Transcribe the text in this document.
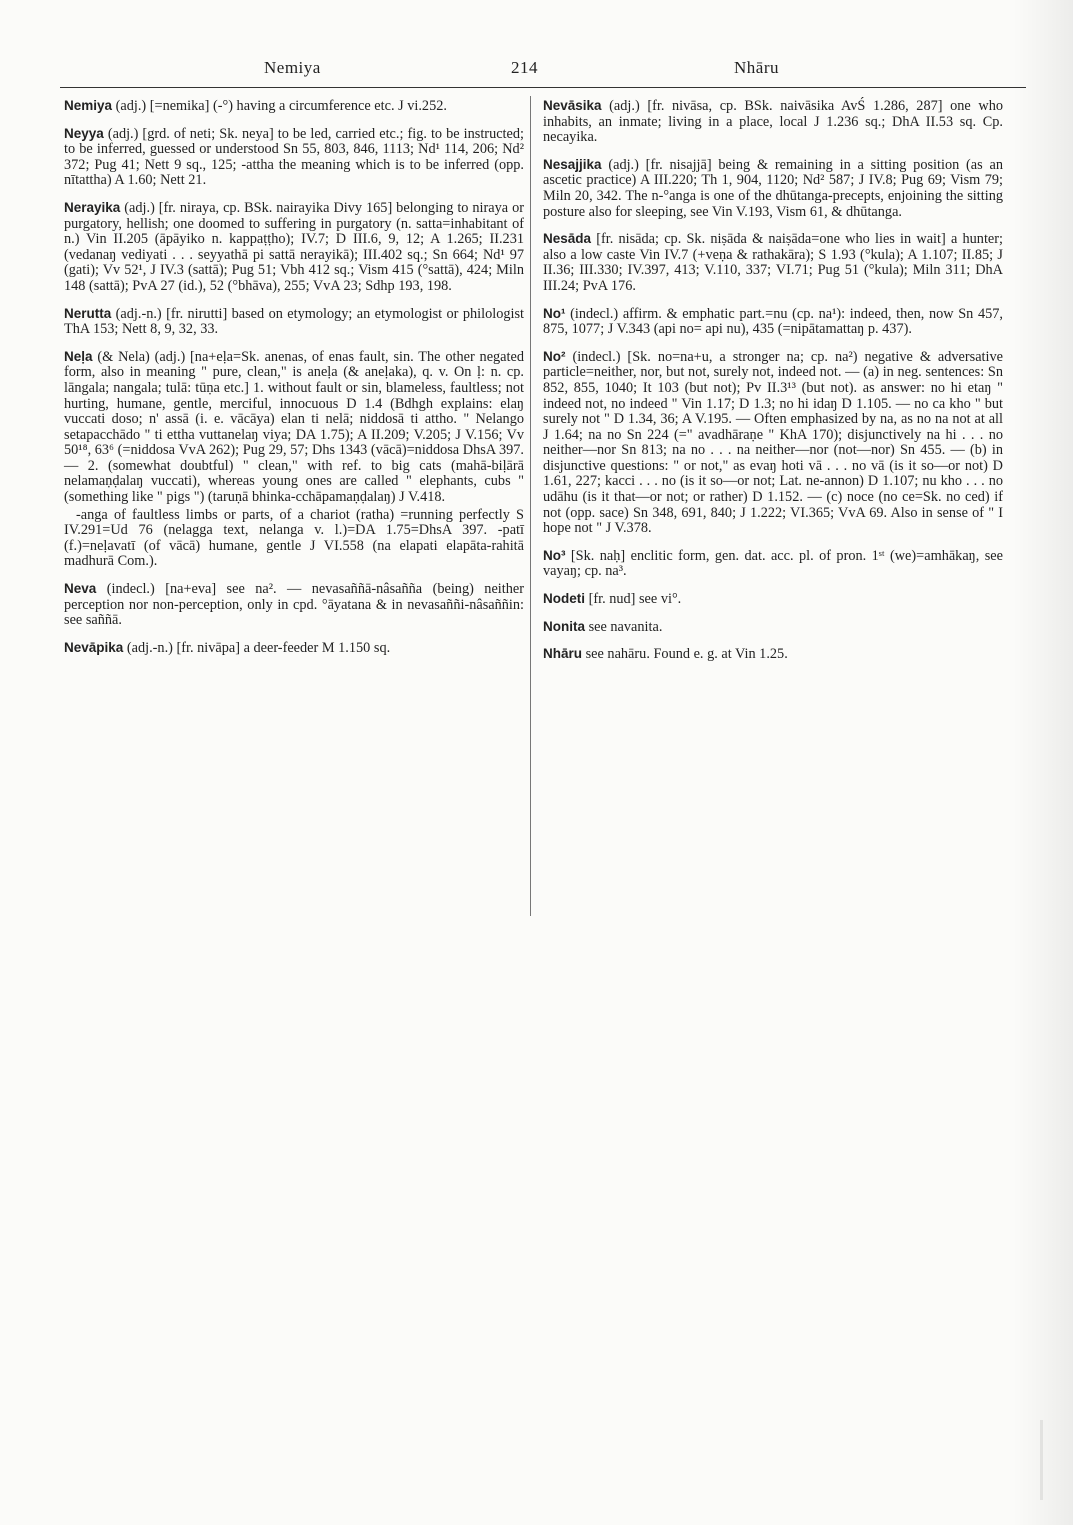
Nemiya	214	Nhāru

Nemiya (adj.) [=nemika] (-°) having a circumference etc. J vi.252.

Neyya (adj.) [grd. of neti; Sk. neya] to be led, carried etc.; fig. to be instructed; to be inferred, guessed or understood Sn 55, 803, 846, 1113; Nd¹ 114, 206; Nd² 372; Pug 41; Nett 9 sq., 125; -attha the meaning which is to be inferred (opp. nītattha) A 1.60; Nett 21.

Nerayika (adj.) [fr. niraya, cp. BSk. nairayika Divy 165] belonging to niraya or purgatory, hellish; one doomed to suffering in purgatory (n. satta=inhabitant of n.) Vin II.205 (āpāyiko n. kappaṭṭho); IV.7; D III.6, 9, 12; A 1.265; II.231 (vedanaŋ vediyati . . . seyyathā pi sattā nerayikā); III.402 sq.; Sn 664; Nd¹ 97 (gati); Vv 52¹, J IV.3 (sattā); Pug 51; Vbh 412 sq.; Vism 415 (°sattā), 424; Miln 148 (sattā); PvA 27 (id.), 52 (°bhāva), 255; VvA 23; Sdhp 193, 198.

Nerutta (adj.-n.) [fr. nirutti] based on etymology; an etymologist or philologist ThA 153; Nett 8, 9, 32, 33.

Neḷa (& Nela) (adj.) [na+eḷa=Sk. anenas, of enas fault, sin. The other negated form, also in meaning " pure, clean," is aneḷa (& aneḷaka), q. v. On ḷ: n. cp. lāngala; nangala; tulā: tūṇa etc.] 1. without fault or sin, blameless, faultless; not hurting, humane, gentle, merciful, innocuous D 1.4 (Bdhgh explains: elaŋ vuccati doso; n' assā (i. e. vācāya) elan ti nelā; niddosā ti attho. " Nelango setapacchādo " ti ettha vuttanelaŋ viya; DA 1.75); A II.209; V.205; J V.156; Vv 50¹⁸, 63⁶ (=niddosa VvA 262); Pug 29, 57; Dhs 1343 (vācā)=niddosa DhsA 397. — 2. (somewhat doubtful) " clean," with ref. to big cats (mahā-biḷārā nelamaṇḍalaŋ vuccati), whereas young ones are called " elephants, cubs " (something like " pigs ") (taruṇā bhinka-cchāpamaṇḍalaŋ) J V.418.

-anga of faultless limbs or parts, of a chariot (ratha) =running perfectly S IV.291=Ud 76 (nelagga text, nelanga v. l.)=DA 1.75=DhsA 397. -patī (f.)=neḷavatī (of vācā) humane, gentle J VI.558 (na elapati elapāta-rahitā madhurā Com.).

Neva (indecl.) [na+eva] see na². — nevasaññā-nâsañña (being) neither perception nor non-perception, only in cpd. °āyatana & in nevasaññi-nâsaññin: see saññā.

Nevāpika (adj.-n.) [fr. nivāpa] a deer-feeder M 1.150 sq.

Nevāsika (adj.) [fr. nivāsa, cp. BSk. naivāsika AvŚ 1.286, 287] one who inhabits, an inmate; living in a place, local J 1.236 sq.; DhA II.53 sq. Cp. necayika.

Nesajjika (adj.) [fr. nisajjā] being & remaining in a sitting position (as an ascetic practice) A III.220; Th 1, 904, 1120; Nd² 587; J IV.8; Pug 69; Vism 79; Miln 20, 342. The n-°anga is one of the dhūtanga-precepts, enjoining the sitting posture also for sleeping, see Vin V.193, Vism 61, & dhūtanga.

Nesāda [fr. nisāda; cp. Sk. niṣāda & naiṣāda=one who lies in wait] a hunter; also a low caste Vin IV.7 (+veṇa & rathakāra); S 1.93 (°kula); A 1.107; II.85; J II.36; III.330; IV.397, 413; V.110, 337; VI.71; Pug 51 (°kula); Miln 311; DhA III.24; PvA 176.

No¹ (indecl.) affirm. & emphatic part.=nu (cp. na¹): indeed, then, now Sn 457, 875, 1077; J V.343 (api no= api nu), 435 (=nipātamattaŋ p. 437).

No² (indecl.) [Sk. no=na+u, a stronger na; cp. na²) negative & adversative particle=neither, nor, but not, surely not, indeed not. — (a) in neg. sentences: Sn 852, 855, 1040; It 103 (but not); Pv II.3¹³ (but not). as answer: no hi etaŋ " indeed not, no indeed " Vin 1.17; D 1.3; no hi idaŋ D 1.105. — no ca kho " but surely not " D 1.34, 36; A V.195. — Often emphasized by na, as no na not at all J 1.64; na no Sn 224 (=" avadhāraṇe " KhA 170); disjunctively na hi . . . no neither—nor Sn 813; na no . . . na neither—nor (not—nor) Sn 455. — (b) in disjunctive questions: " or not," as evaŋ hoti vā . . . no vā (is it so—or not) D 1.61, 227; kacci . . . no (is it so—or not; Lat. ne-annon) D 1.107; nu kho . . . no udāhu (is it that—or not; or rather) D 1.152. — (c) noce (no ce=Sk. no ced) if not (opp. sace) Sn 348, 691, 840; J 1.222; VI.365; VvA 69. Also in sense of " I hope not " J V.378.

No³ [Sk. naḥ] enclitic form, gen. dat. acc. pl. of pron. 1ˢᵗ (we)=amhākaŋ, see vayaŋ; cp. na³.

Nodeti [fr. nud] see vi°.

Nonita see navanita.

Nhāru see nahāru. Found e. g. at Vin 1.25.
